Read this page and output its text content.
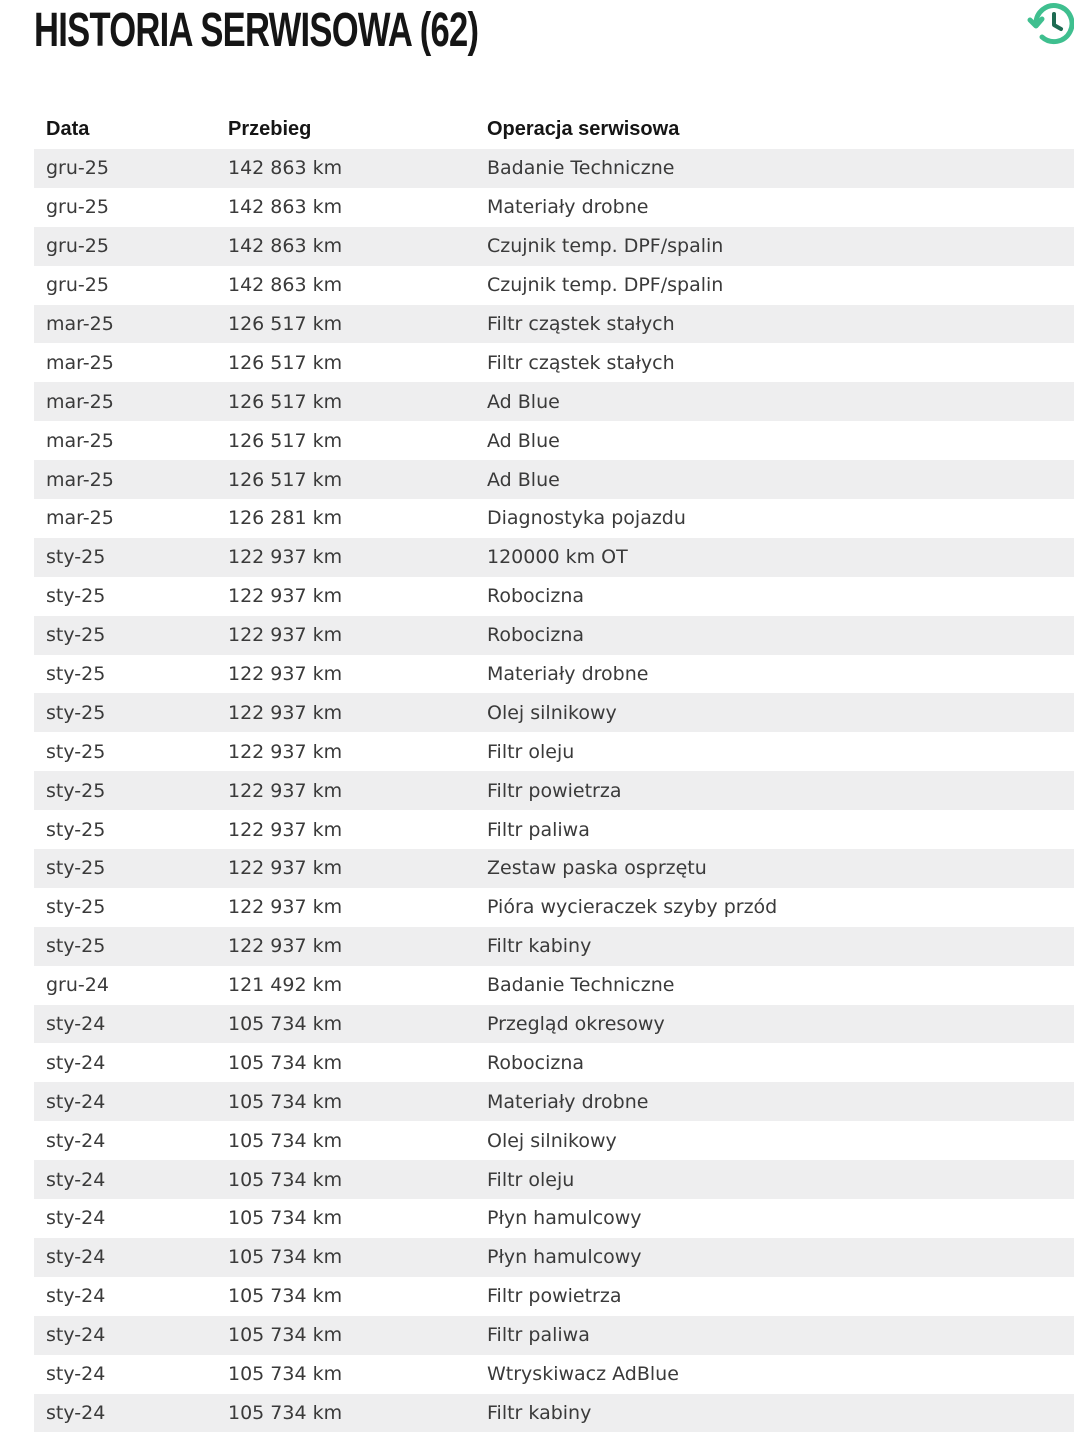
HISTORIA SERWISOWA (62)
Data	Przebieg	Operacja serwisowa
gru-25	142 863 km	Badanie Techniczne
gru-25	142 863 km	Materiały drobne
gru-25	142 863 km	Czujnik temp. DPF/spalin
gru-25	142 863 km	Czujnik temp. DPF/spalin
mar-25	126 517 km	Filtr cząstek stałych
mar-25	126 517 km	Filtr cząstek stałych
mar-25	126 517 km	Ad Blue
mar-25	126 517 km	Ad Blue
mar-25	126 517 km	Ad Blue
mar-25	126 281 km	Diagnostyka pojazdu
sty-25	122 937 km	120000 km OT
sty-25	122 937 km	Robocizna
sty-25	122 937 km	Robocizna
sty-25	122 937 km	Materiały drobne
sty-25	122 937 km	Olej silnikowy
sty-25	122 937 km	Filtr oleju
sty-25	122 937 km	Filtr powietrza
sty-25	122 937 km	Filtr paliwa
sty-25	122 937 km	Zestaw paska osprzętu
sty-25	122 937 km	Pióra wycieraczek szyby przód
sty-25	122 937 km	Filtr kabiny
gru-24	121 492 km	Badanie Techniczne
sty-24	105 734 km	Przegląd okresowy
sty-24	105 734 km	Robocizna
sty-24	105 734 km	Materiały drobne
sty-24	105 734 km	Olej silnikowy
sty-24	105 734 km	Filtr oleju
sty-24	105 734 km	Płyn hamulcowy
sty-24	105 734 km	Płyn hamulcowy
sty-24	105 734 km	Filtr powietrza
sty-24	105 734 km	Filtr paliwa
sty-24	105 734 km	Wtryskiwacz AdBlue
sty-24	105 734 km	Filtr kabiny
